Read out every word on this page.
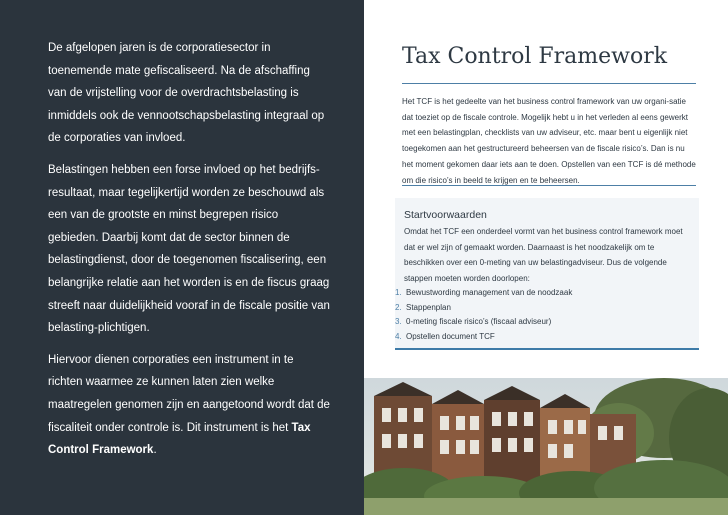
De afgelopen jaren is de corporatiesector in toenemende mate gefiscaliseerd. Na de afschaffing van de vrijstelling voor de overdrachtsbelasting is inmiddels ook de vennootschapsbelasting integraal op de corporaties van invloed.

Belastingen hebben een forse invloed op het bedrijfs-resultaat, maar tegelijkertijd worden ze beschouwd als een van de grootste en minst begrepen risico gebieden. Daarbij komt dat de sector binnen de belastingdienst, door de toegenomen fiscalisering, een belangrijke relatie aan het worden is en de fiscus graag streeft naar duidelijkheid vooraf in de fiscale positie van belasting-plichtigen.

Hiervoor dienen corporaties een instrument in te richten waarmee ze kunnen laten zien welke maatregelen genomen zijn en aangetoond wordt dat de fiscaliteit onder controle is. Dit instrument is het Tax Control Framework.

Tax Control Framework

Het TCF is het gedeelte van het business control framework van uw organi-satie dat toeziet op de fiscale controle. Mogelijk hebt u in het verleden al eens gewerkt met een belastingplan, checklists van uw adviseur, etc. maar bent u eigenlijk niet toegekomen aan het gestructureerd beheersen van de fiscale risico’s. Dan is nu het moment gekomen daar iets aan te doen. Opstellen van een TCF is dé methode om die risico’s in beeld te krijgen en te beheersen.

Startvoorwaarden

Omdat het TCF een onderdeel vormt van het business control framework moet dat er wel zijn of gemaakt worden. Daarnaast is het noodzakelijk om te beschikken over een 0-meting van uw belastingadviseur. Dus de volgende stappen moeten worden doorlopen:

1. Bewustwording management van de noodzaak
2. Stappenplan
3. 0-meting fiscale risico’s (fiscaal adviseur)
4. Opstellen document TCF
